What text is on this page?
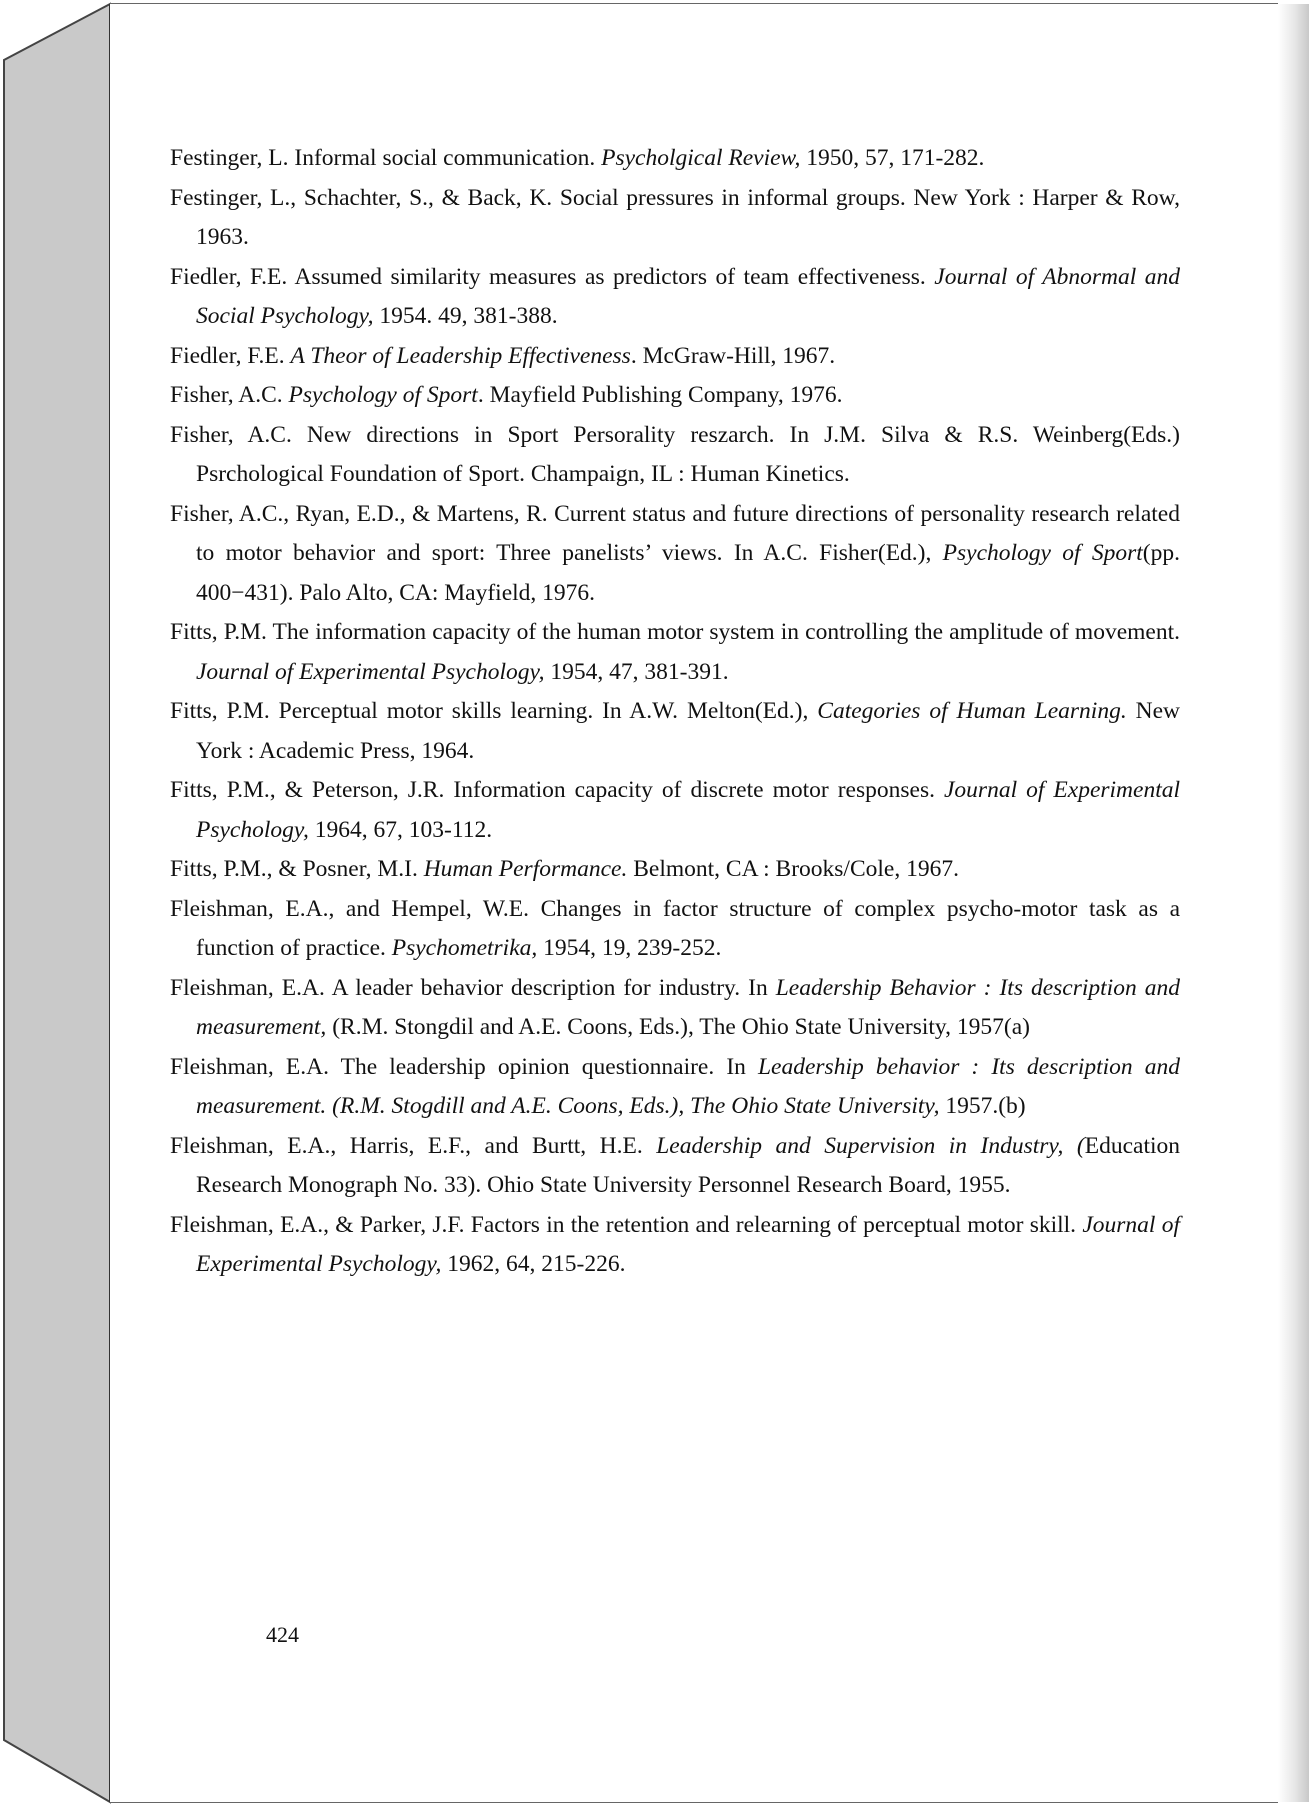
Festinger, L. Informal social communication. Psycholgical Review, 1950, 57, 171-282.
Festinger, L., Schachter, S., & Back, K. Social pressures in informal groups. New York : Harper & Row, 1963.
Fiedler, F.E. Assumed similarity measures as predictors of team effectiveness. Journal of Abnormal and Social Psychology, 1954. 49, 381-388.
Fiedler, F.E. A Theor of Leadership Effectiveness. McGraw-Hill, 1967.
Fisher, A.C. Psychology of Sport. Mayfield Publishing Company, 1976.
Fisher, A.C. New directions in Sport Persorality reszarch. In J.M. Silva & R.S. Weinberg(Eds.) Psrchological Foundation of Sport. Champaign, IL : Human Kinetics.
Fisher, A.C., Ryan, E.D., & Martens, R. Current status and future directions of personality research related to motor behavior and sport: Three panelists’ views. In A.C. Fisher(Ed.), Psychology of Sport(pp. 400−431). Palo Alto, CA: Mayfield, 1976.
Fitts, P.M. The information capacity of the human motor system in controlling the amplitude of movement. Journal of Experimental Psychology, 1954, 47, 381-391.
Fitts, P.M. Perceptual motor skills learning. In A.W. Melton(Ed.), Categories of Human Learning. New York : Academic Press, 1964.
Fitts, P.M., & Peterson, J.R. Information capacity of discrete motor responses. Journal of Experimental Psychology, 1964, 67, 103-112.
Fitts, P.M., & Posner, M.I. Human Performance. Belmont, CA : Brooks/Cole, 1967.
Fleishman, E.A., and Hempel, W.E. Changes in factor structure of complex psycho-motor task as a function of practice. Psychometrika, 1954, 19, 239-252.
Fleishman, E.A. A leader behavior description for industry. In Leadership Behavior : Its description and measurement, (R.M. Stongdil and A.E. Coons, Eds.), The Ohio State University, 1957(a)
Fleishman, E.A. The leadership opinion questionnaire. In Leadership behavior : Its description and measurement. (R.M. Stogdill and A.E. Coons, Eds.), The Ohio State University, 1957.(b)
Fleishman, E.A., Harris, E.F., and Burtt, H.E. Leadership and Supervision in Industry, (Education Research Monograph No. 33). Ohio State University Personnel Research Board, 1955.
Fleishman, E.A., & Parker, J.F. Factors in the retention and relearning of perceptual motor skill. Journal of Experimental Psychology, 1962, 64, 215-226.
424
